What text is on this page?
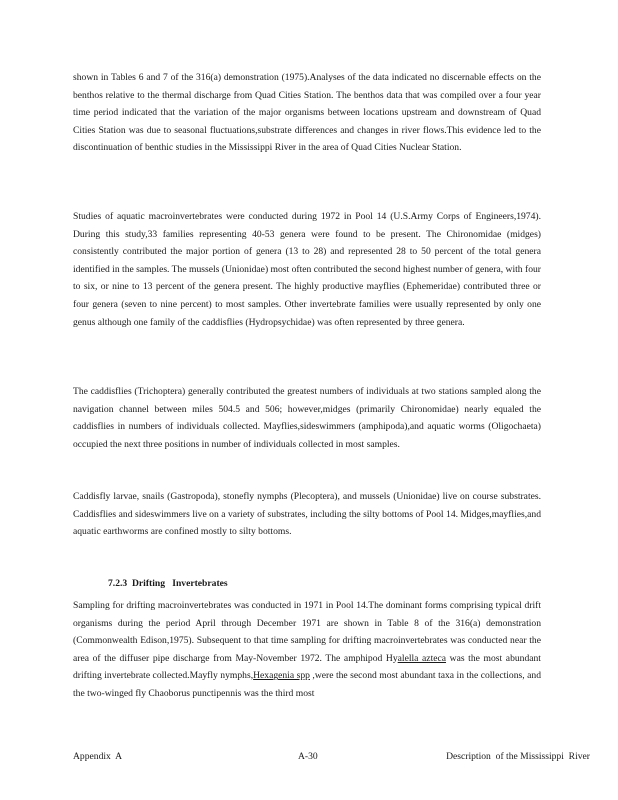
shown in Tables 6 and 7 of the 316(a) demonstration (1975).Analyses of the data indicated no discernable effects on the benthos relative to the thermal discharge from Quad Cities Station. The benthos data that was compiled over a four year time period indicated that the variation of the major organisms between locations upstream and downstream of Quad Cities Station was due to seasonal fluctuations,substrate differences and changes in river flows.This evidence led to the discontinuation of benthic studies in the Mississippi River in the area of Quad Cities Nuclear Station.

Studies of aquatic macroinvertebrates were conducted during 1972 in Pool 14 (U.S.Army Corps of Engineers,1974). During this study,33 families representing 40-53 genera were found to be present. The Chironomidae (midges) consistently contributed the major portion of genera (13 to 28) and represented 28 to 50 percent of the total genera identified in the samples. The mussels (Unionidae) most often contributed the second highest number of genera, with four to six, or nine to 13 percent of the genera present. The highly productive mayflies (Ephemeridae) contributed three or four genera (seven to nine percent) to most samples. Other invertebrate families were usually represented by only one genus although one family of the caddisflies (Hydropsychidae) was often represented by three genera.

The caddisflies (Trichoptera) generally contributed the greatest numbers of individuals at two stations sampled along the navigation channel between miles 504.5 and 506; however,midges (primarily Chironomidae) nearly equaled the caddisflies in numbers of individuals collected. Mayflies,sideswimmers (amphipoda),and aquatic worms (Oligochaeta) occupied the next three positions in number of individuals collected in most samples.

Caddisfly larvae, snails (Gastropoda), stonefly nymphs (Plecoptera), and mussels (Unionidae) live on course substrates. Caddisflies and sideswimmers live on a variety of substrates, including the silty bottoms of Pool 14. Midges,mayflies,and aquatic earthworms are confined mostly to silty bottoms.

7.2.3  Drifting   Invertebrates

Sampling for drifting macroinvertebrates was conducted in 1971 in Pool 14.The dominant forms comprising typical drift organisms during the period April through December 1971 are shown in Table 8 of the 316(a) demonstration (Commonwealth Edison,1975). Subsequent to that time sampling for drifting macroinvertebrates was conducted near the area of the diffuser pipe discharge from May-November 1972. The amphipod Hyalella azteca was the most abundant drifting invertebrate collected.Mayfly nymphs,Hexagenia spp ,were the second most abundant taxa in the collections, and the two-winged fly Chaoborus punctipennis was the third most

Appendix  A	A-30	Description  of the Mississippi  River
